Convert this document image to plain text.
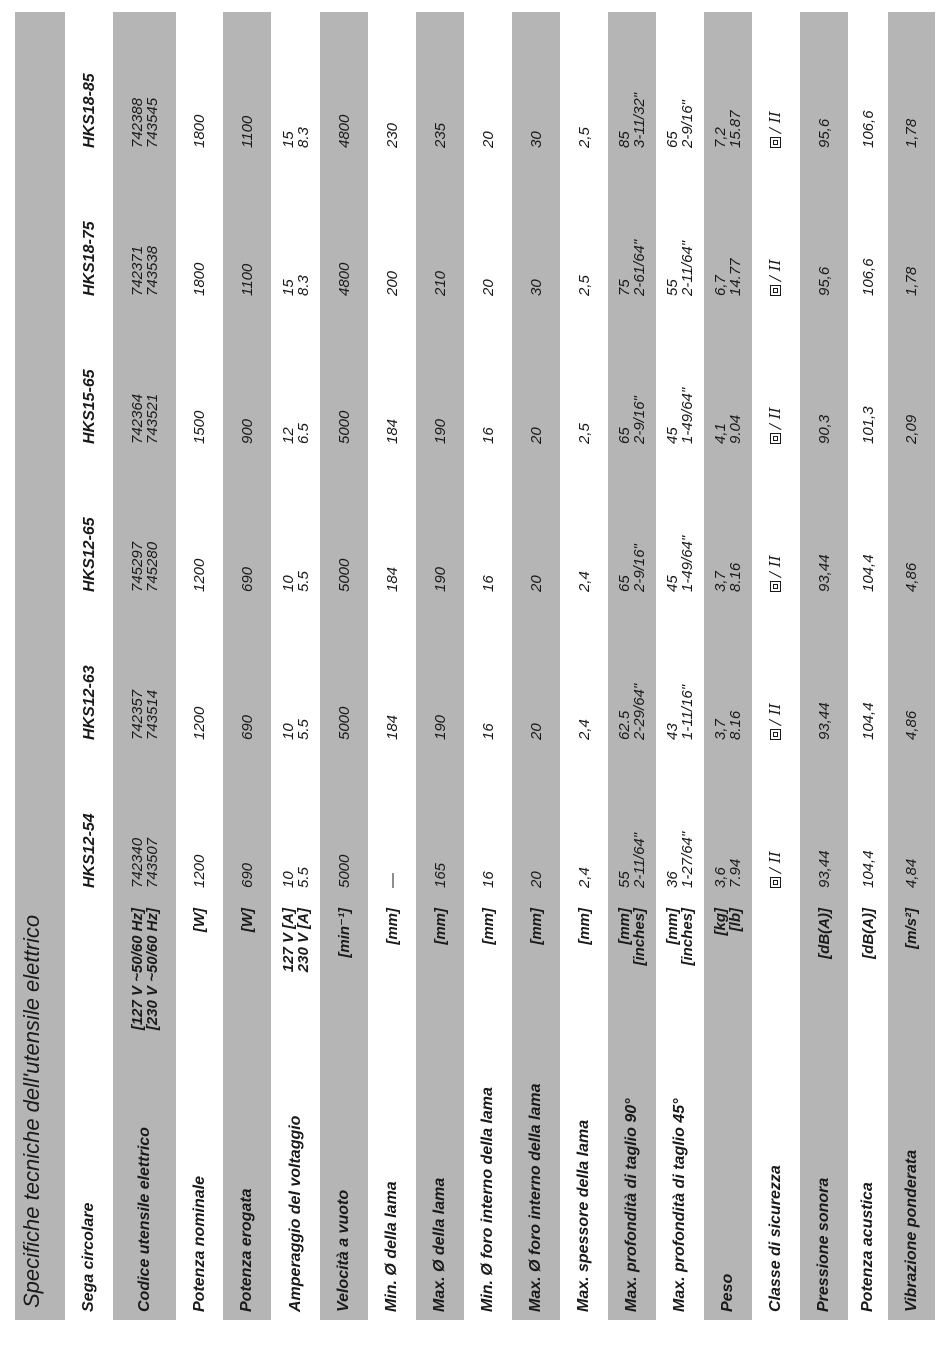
Specifiche tecniche dell'utensile elettrico Sega circolare
HKS12-54
HKS12-63
HKS12-65
HKS15-65
HKS18-75
HKS18-85
Codice utensile elettrico
[127 V ~50/60 Hz]
[230 V ~50/60 Hz]
742340
743507
742357
743514
745297
745280
742364
743521
742371
743538
742388
743545
Potenza nominale
[W]
1200
1200
1200
1500
1800
1800
Potenza erogata
[W]
690
690
690
900
1100
1100
Amperaggio del voltaggio
127 V [A]
230 V [A]
10
5.5
10
5.5
10
5.5
12
6.5
15
8.3
15
8.3
Velocità a vuoto
[min⁻¹]
5000
5000
5000
5000
4800
4800
Min. Ø della lama
[mm]
—
184
184
184
200
230
Max. Ø della lama
[mm]
165
190
190
190
210
235
Min. Ø foro interno della lama
[mm]
16
16
16
16
20
20
Max. Ø foro interno della lama
[mm]
20
20
20
20
30
30
Max. spessore della lama
[mm]
2,4
2,4
2,4
2,5
2,5
2,5
Max. profondità di taglio 90°
[mm]
[inches]
55
2-11/64"
62.5
2-29/64"
65
2-9/16"
65
2-9/16"
75
2-61/64"
85
3-11/32"
Max. profondità di taglio 45°
[mm]
[inches]
36
1-27/64"
43
1-11/16"
45
1-49/64"
45
1-49/64"
55
2-11/64"
65
2-9/16"
Peso
[kg]
[lb]
3,6
7.94
3,7
8.16
3,7
8.16
4,1
9.04
6,7
14.77
7,2
15.87
Classe di sicurezza
/ II
/ II
/ II
/ II
/ II
/ II
Pressione sonora
[dB(A)]
93,44
93,44
93,44
90,3
95,6
95,6
Potenza acustica
[dB(A)]
104,4
104,4
104,4
101,3
106,6
106,6
Vibrazione ponderata
[m/s²]
4,84
4,86
4,86
2,09
1,78
1,78
